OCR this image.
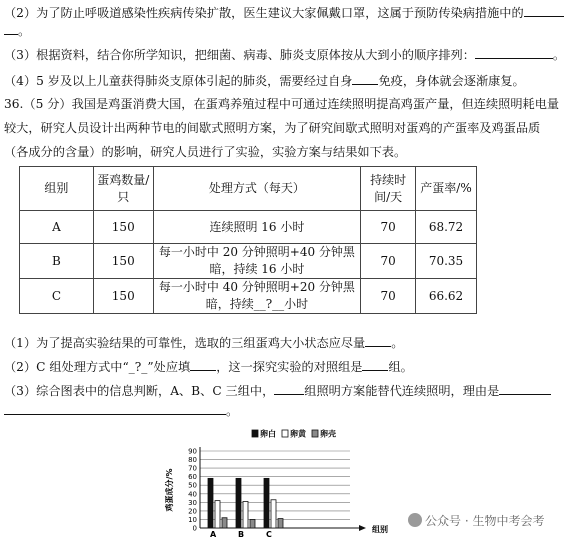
（2）为了防止呼吸道感染性疾病传染扩散，医生建议大家佩戴口罩，这属于预防传染病措施中的
。
（3）根据资料，结合你所学知识，把细菌、病毒、肺炎支原体按从大到小的顺序排列：	。
（4）5 岁及以上儿童获得肺炎支原体引起的肺炎，需要经过自身 免疫，身体就会逐渐康复。
36.（5 分）我国是鸡蛋消费大国，在蛋鸡养殖过程中可通过连续照明提高鸡蛋产量，但连续照明耗电量
较大，研究人员设计出两种节电的间歇式照明方案，为了研究间歇式照明对蛋鸡的产蛋率及鸡蛋品质
（各成分的含量）的影响，研究人员进行了实验，实验方案与结果如下表。
组别	蛋鸡数量/只	处理方式（每天）	持续时间/天	产蛋率/%
A	150	连续照明 16 小时	70	68.72
B	150	每一小时中 20 分钟照明+40 分钟黑
暗，持续 16 小时	70	70.35
C	150	每一小时中 40 分钟照明+20 分钟黑
暗，持续__?__小时	70	66.62
（1）为了提高实验结果的可靠性，选取的三组蛋鸡大小状态应尽量 。
（2）C 组处理方式中“_?_”处应填 ，这一探究实验的对照组是 组。
（3）综合图表中的信息判断，A、B、C 三组中， 组照明方案能替代连续照明，理由是
。
0
10
20
30
40
50
60
70
80
90
鸡蛋成分/%
组别
卵白 卵黄 卵壳
A	B	C
公众号 · 生物中考会考
